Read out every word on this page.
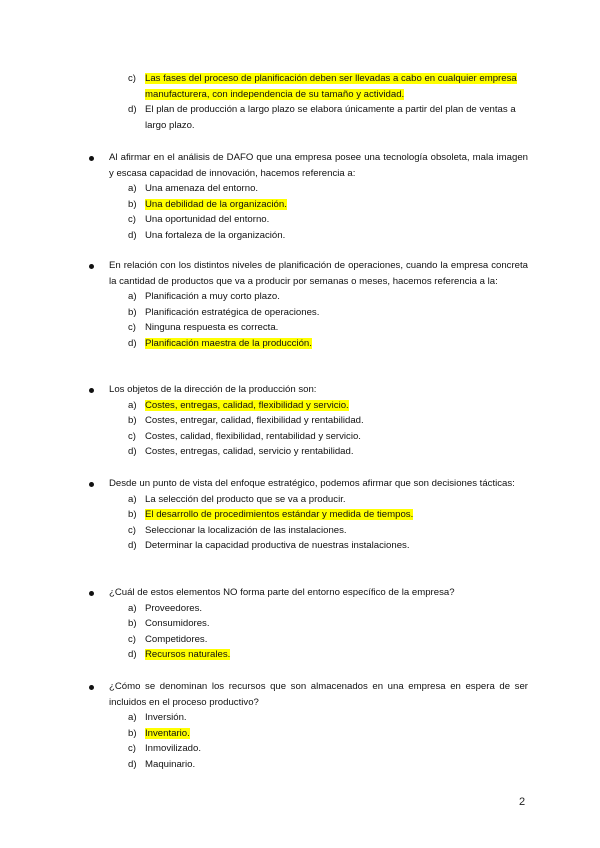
c) Las fases del proceso de planificación deben ser llevadas a cabo en cualquier empresa manufacturera, con independencia de su tamaño y actividad.
d) El plan de producción a largo plazo se elabora únicamente a partir del plan de ventas a largo plazo.
Al afirmar en el análisis de DAFO que una empresa posee una tecnología obsoleta, mala imagen y escasa capacidad de innovación, hacemos referencia a:
a) Una amenaza del entorno.
b) Una debilidad de la organización.
c) Una oportunidad del entorno.
d) Una fortaleza de la organización.
En relación con los distintos niveles de planificación de operaciones, cuando la empresa concreta la cantidad de productos que va a producir por semanas o meses, hacemos referencia a la:
a) Planificación a muy corto plazo.
b) Planificación estratégica de operaciones.
c) Ninguna respuesta es correcta.
d) Planificación maestra de la producción.
Los objetos de la dirección de la producción son:
a) Costes, entregas, calidad, flexibilidad y servicio.
b) Costes, entregar, calidad, flexibilidad y rentabilidad.
c) Costes, calidad, flexibilidad, rentabilidad y servicio.
d) Costes, entregas, calidad, servicio y rentabilidad.
Desde un punto de vista del enfoque estratégico, podemos afirmar que son decisiones tácticas:
a) La selección del producto que se va a producir.
b) El desarrollo de procedimientos estándar y medida de tiempos.
c) Seleccionar la localización de las instalaciones.
d) Determinar la capacidad productiva de nuestras instalaciones.
¿Cuál de estos elementos NO forma parte del entorno específico de la empresa?
a) Proveedores.
b) Consumidores.
c) Competidores.
d) Recursos naturales.
¿Cómo se denominan los recursos que son almacenados en una empresa en espera de ser incluidos en el proceso productivo?
a) Inversión.
b) Inventario.
c) Inmovilizado.
d) Maquinario.
2
